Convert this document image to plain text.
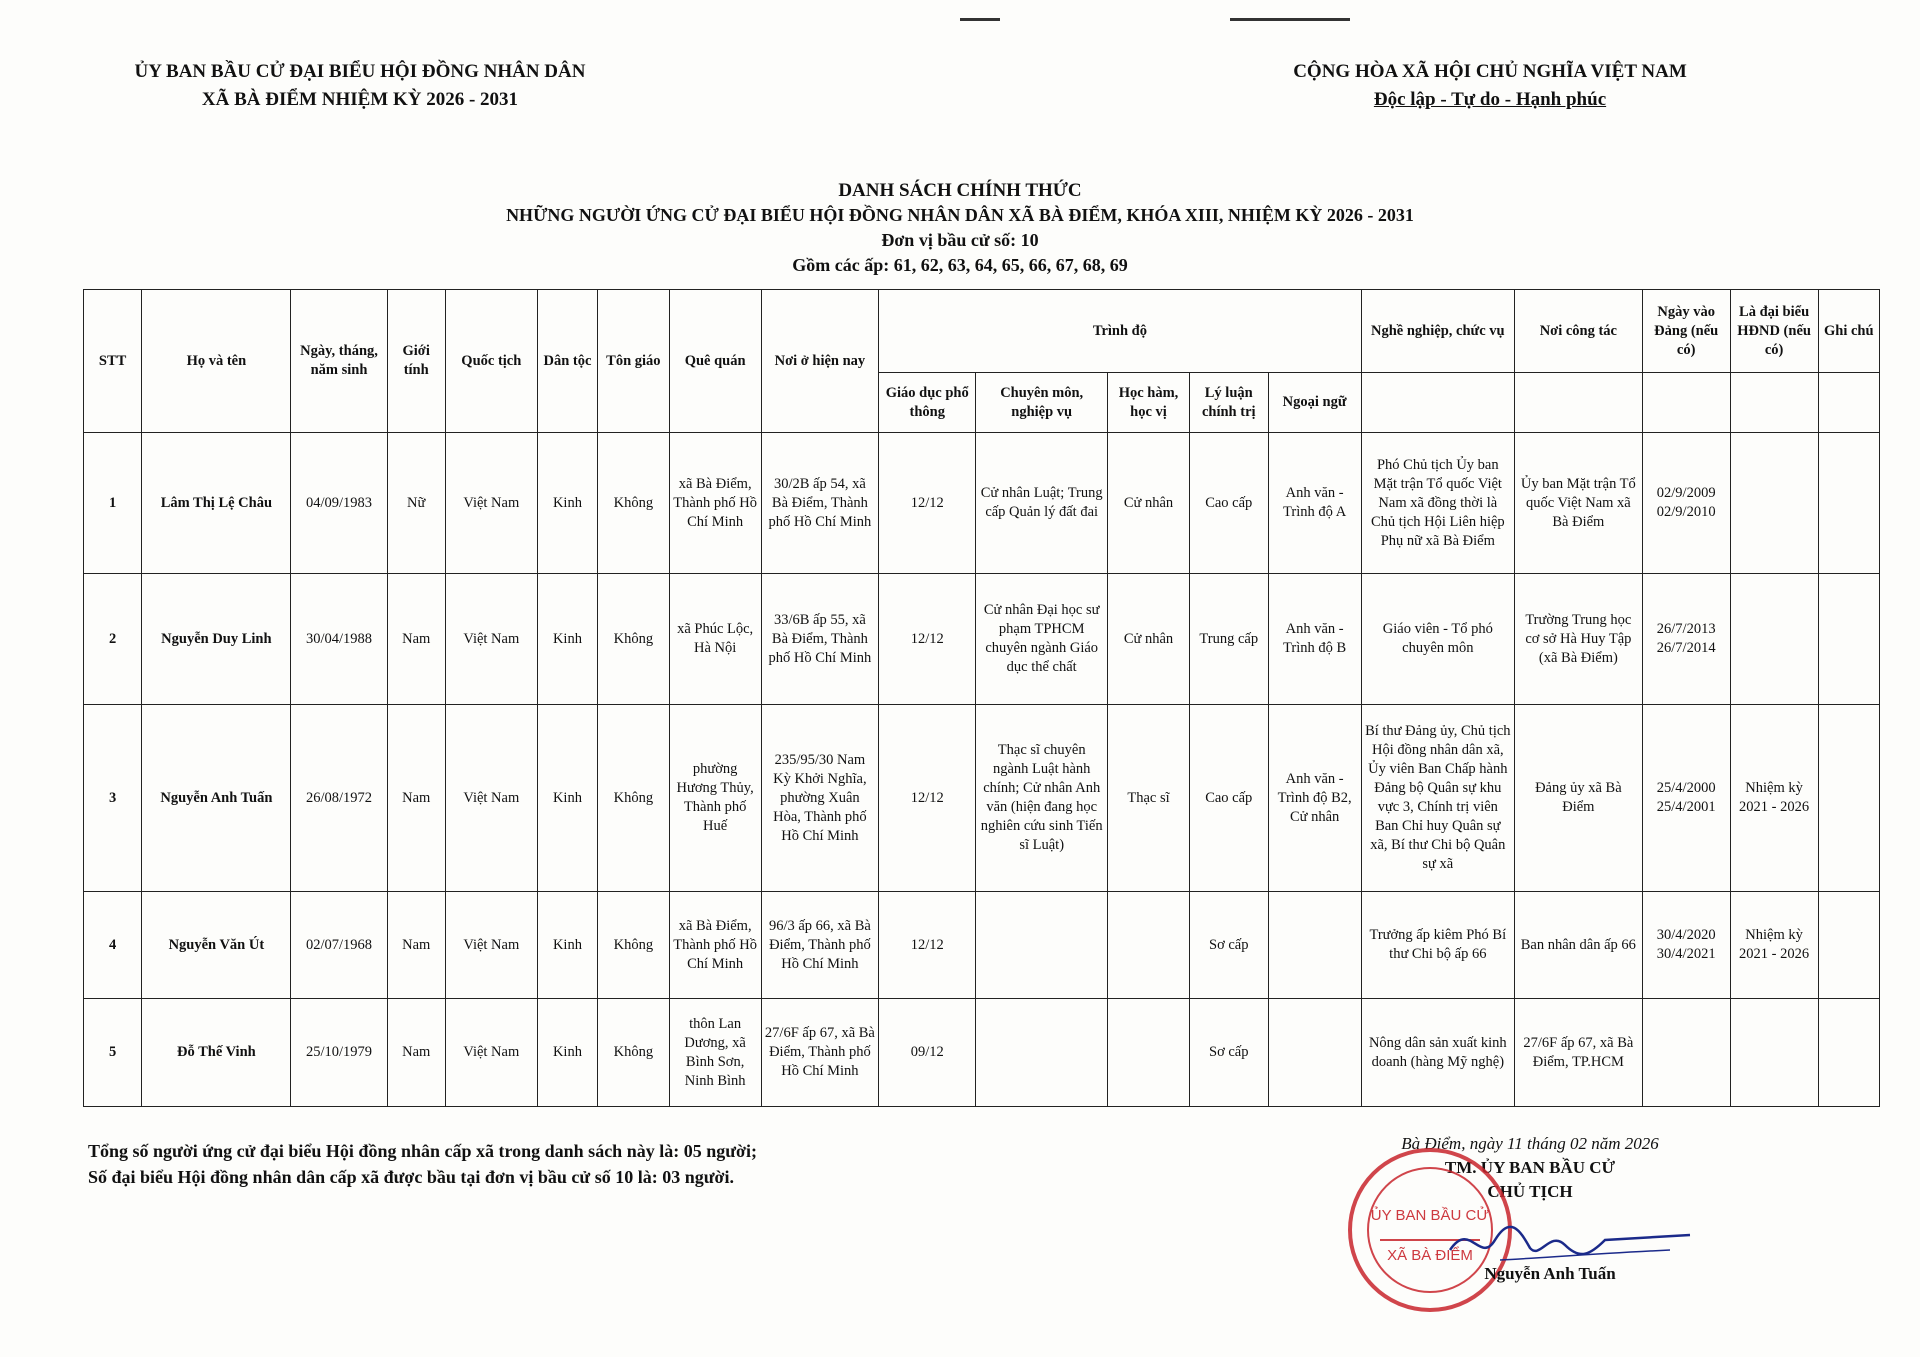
ỦY BAN BẦU CỬ ĐẠI BIỂU HỘI ĐỒNG NHÂN DÂN
XÃ BÀ ĐIỂM NHIỆM KỲ 2026 - 2031
CỘNG HÒA XÃ HỘI CHỦ NGHĨA VIỆT NAM
Độc lập - Tự do - Hạnh phúc
DANH SÁCH CHÍNH THỨC
NHỮNG NGƯỜI ỨNG CỬ ĐẠI BIỂU HỘI ĐỒNG NHÂN DÂN XÃ BÀ ĐIỂM, KHÓA XIII, NHIỆM KỲ 2026 - 2031
Đơn vị bầu cử số: 10
Gồm các ấp: 61, 62, 63, 64, 65, 66, 67, 68, 69
STT	Họ và tên	Ngày, tháng, năm sinh	Giới tính	Quốc tịch	Dân tộc	Tôn giáo	Quê quán	Nơi ở hiện nay	Trình độ					Nghề nghiệp, chức vụ	Nơi công tác	Ngày vào Đảng (nếu có)	Là đại biểu HĐND (nếu có)	Ghi chú
									Giáo dục phổ thông	Chuyên môn, nghiệp vụ	Học hàm, học vị	Lý luận chính trị	Ngoại ngữ					
1	Lâm Thị Lệ Châu	04/09/1983	Nữ	Việt Nam	Kinh	Không	xã Bà Điểm, Thành phố Hồ Chí Minh	30/2B ấp 54, xã Bà Điểm, Thành phố Hồ Chí Minh	12/12	Cử nhân Luật; Trung cấp Quản lý đất đai	Cử nhân	Cao cấp	Anh văn - Trình độ A	Phó Chủ tịch Ủy ban Mặt trận Tổ quốc Việt Nam xã đồng thời là Chủ tịch Hội Liên hiệp Phụ nữ xã Bà Điểm	Ủy ban Mặt trận Tổ quốc Việt Nam xã Bà Điểm	02/9/2009 02/9/2010		
2	Nguyễn Duy Linh	30/04/1988	Nam	Việt Nam	Kinh	Không	xã Phúc Lộc, Hà Nội	33/6B ấp 55, xã Bà Điểm, Thành phố Hồ Chí Minh	12/12	Cử nhân Đại học sư phạm TPHCM chuyên ngành Giáo dục thể chất	Cử nhân	Trung cấp	Anh văn - Trình độ B	Giáo viên - Tổ phó chuyên môn	Trường Trung học cơ sở Hà Huy Tập (xã Bà Điểm)	26/7/2013 26/7/2014		
3	Nguyễn Anh Tuấn	26/08/1972	Nam	Việt Nam	Kinh	Không	phường Hương Thủy, Thành phố Huế	235/95/30 Nam Kỳ Khởi Nghĩa, phường Xuân Hòa, Thành phố Hồ Chí Minh	12/12	Thạc sĩ chuyên ngành Luật hành chính; Cử nhân Anh văn (hiện đang học nghiên cứu sinh Tiến sĩ Luật)	Thạc sĩ	Cao cấp	Anh văn - Trình độ B2, Cử nhân	Bí thư Đảng ủy, Chủ tịch Hội đồng nhân dân xã, Ủy viên Ban Chấp hành Đảng bộ Quân sự khu vực 3, Chính trị viên Ban Chỉ huy Quân sự xã, Bí thư Chi bộ Quân sự xã	Đảng ủy xã Bà Điểm	25/4/2000 25/4/2001	Nhiệm kỳ 2021 - 2026	
4	Nguyễn Văn Út	02/07/1968	Nam	Việt Nam	Kinh	Không	xã Bà Điểm, Thành phố Hồ Chí Minh	96/3 ấp 66, xã Bà Điểm, Thành phố Hồ Chí Minh	12/12			Sơ cấp		Trưởng ấp kiêm Phó Bí thư Chi bộ ấp 66	Ban nhân dân ấp 66	30/4/2020 30/4/2021	Nhiệm kỳ 2021 - 2026	
5	Đỗ Thế Vinh	25/10/1979	Nam	Việt Nam	Kinh	Không	thôn Lan Dương, xã Bình Sơn, Ninh Bình	27/6F ấp 67, xã Bà Điểm, Thành phố Hồ Chí Minh	09/12			Sơ cấp		Nông dân sản xuất kinh doanh (hàng Mỹ nghệ)	27/6F ấp 67, xã Bà Điểm, TP.HCM			
Tổng số người ứng cử đại biểu Hội đồng nhân cấp xã trong danh sách này là: 05 người;
Số đại biểu Hội đồng nhân dân cấp xã được bầu tại đơn vị bầu cử số 10 là: 03 người.
Bà Điểm, ngày 11 tháng 02 năm 2026
TM. ỦY BAN BẦU CỬ
CHỦ TỊCH
ỦY BAN BẦU CỬ
XÃ BÀ ĐIỂM
Nguyễn Anh Tuấn
